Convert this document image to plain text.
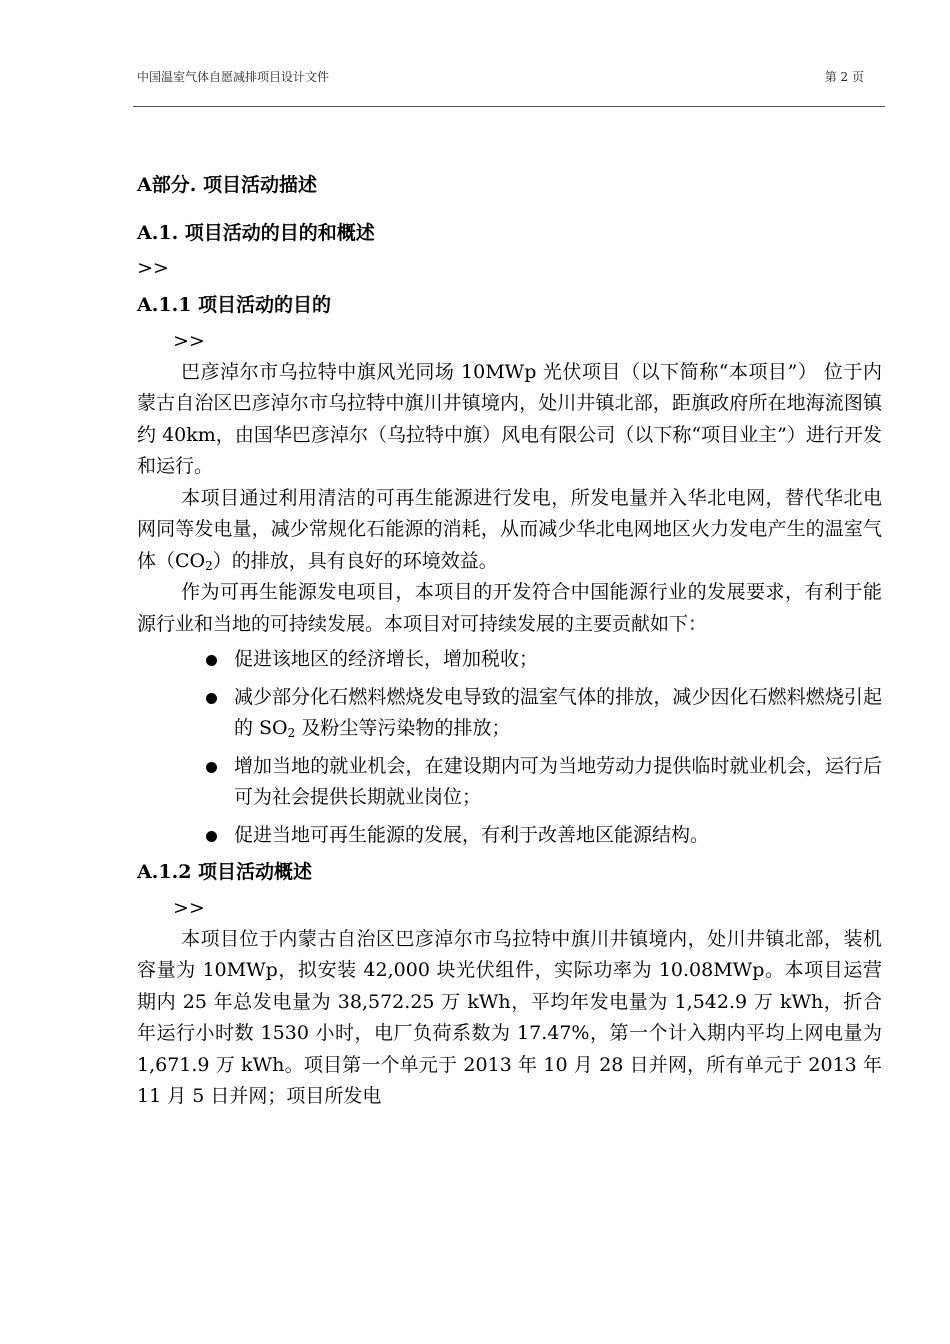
中国温室气体自愿减排项目设计文件	第 2 页
A部分. 项目活动描述
A.1. 项目活动的目的和概述
>>
A.1.1 项目活动的目的
>>

巴彦淖尔市乌拉特中旗风光同场 10MWp 光伏项目（以下简称“本项目”） 位于内蒙古自治区巴彦淖尔市乌拉特中旗川井镇境内，处川井镇北部，距旗政府所在地海流图镇约 40km，由国华巴彦淖尔（乌拉特中旗）风电有限公司（以下称“项目业主”）进行开发和运行。

本项目通过利用清洁的可再生能源进行发电，所发电量并入华北电网，替代华北电网同等发电量，减少常规化石能源的消耗，从而减少华北电网地区火力发电产生的温室气体$(CO_2)$的排放，具有良好的环境效益。

作为可再生能源发电项目，本项目的开发符合中国能源行业的发展要求，有利于能源行业和当地的可持续发展。本项目对可持续发展的主要贡献如下：

促进该地区的经济增长，增加税收；
减少部分化石燃料燃烧发电导致的温室气体的排放，减少因化石燃料燃烧引起的 $SO_2$ 及粉尘等污染物的排放；
增加当地的就业机会，在建设期内可为当地劳动力提供临时就业机会，运行后可为社会提供长期就业岗位；
促进当地可再生能源的发展，有利于改善地区能源结构。
A.1.2 项目活动概述
>>

本项目位于内蒙古自治区巴彦淖尔市乌拉特中旗川井镇境内，处川井镇北部，装机容量为 10MWp，拟安装 42,000 块光伏组件，实际功率为 10.08MWp。本项目运营期内 25 年总发电量为 38,572.25 万 kWh，平均年发电量为 1,542.9 万 kWh，折合年运行小时数 1530 小时，电厂负荷系数为 17.47%，第一个计入期内平均上网电量为 1,671.9 万 kWh。项目第一个单元于 2013 年 10 月 28 日并网，所有单元于 2013 年 11 月 5 日并网；项目所发电
